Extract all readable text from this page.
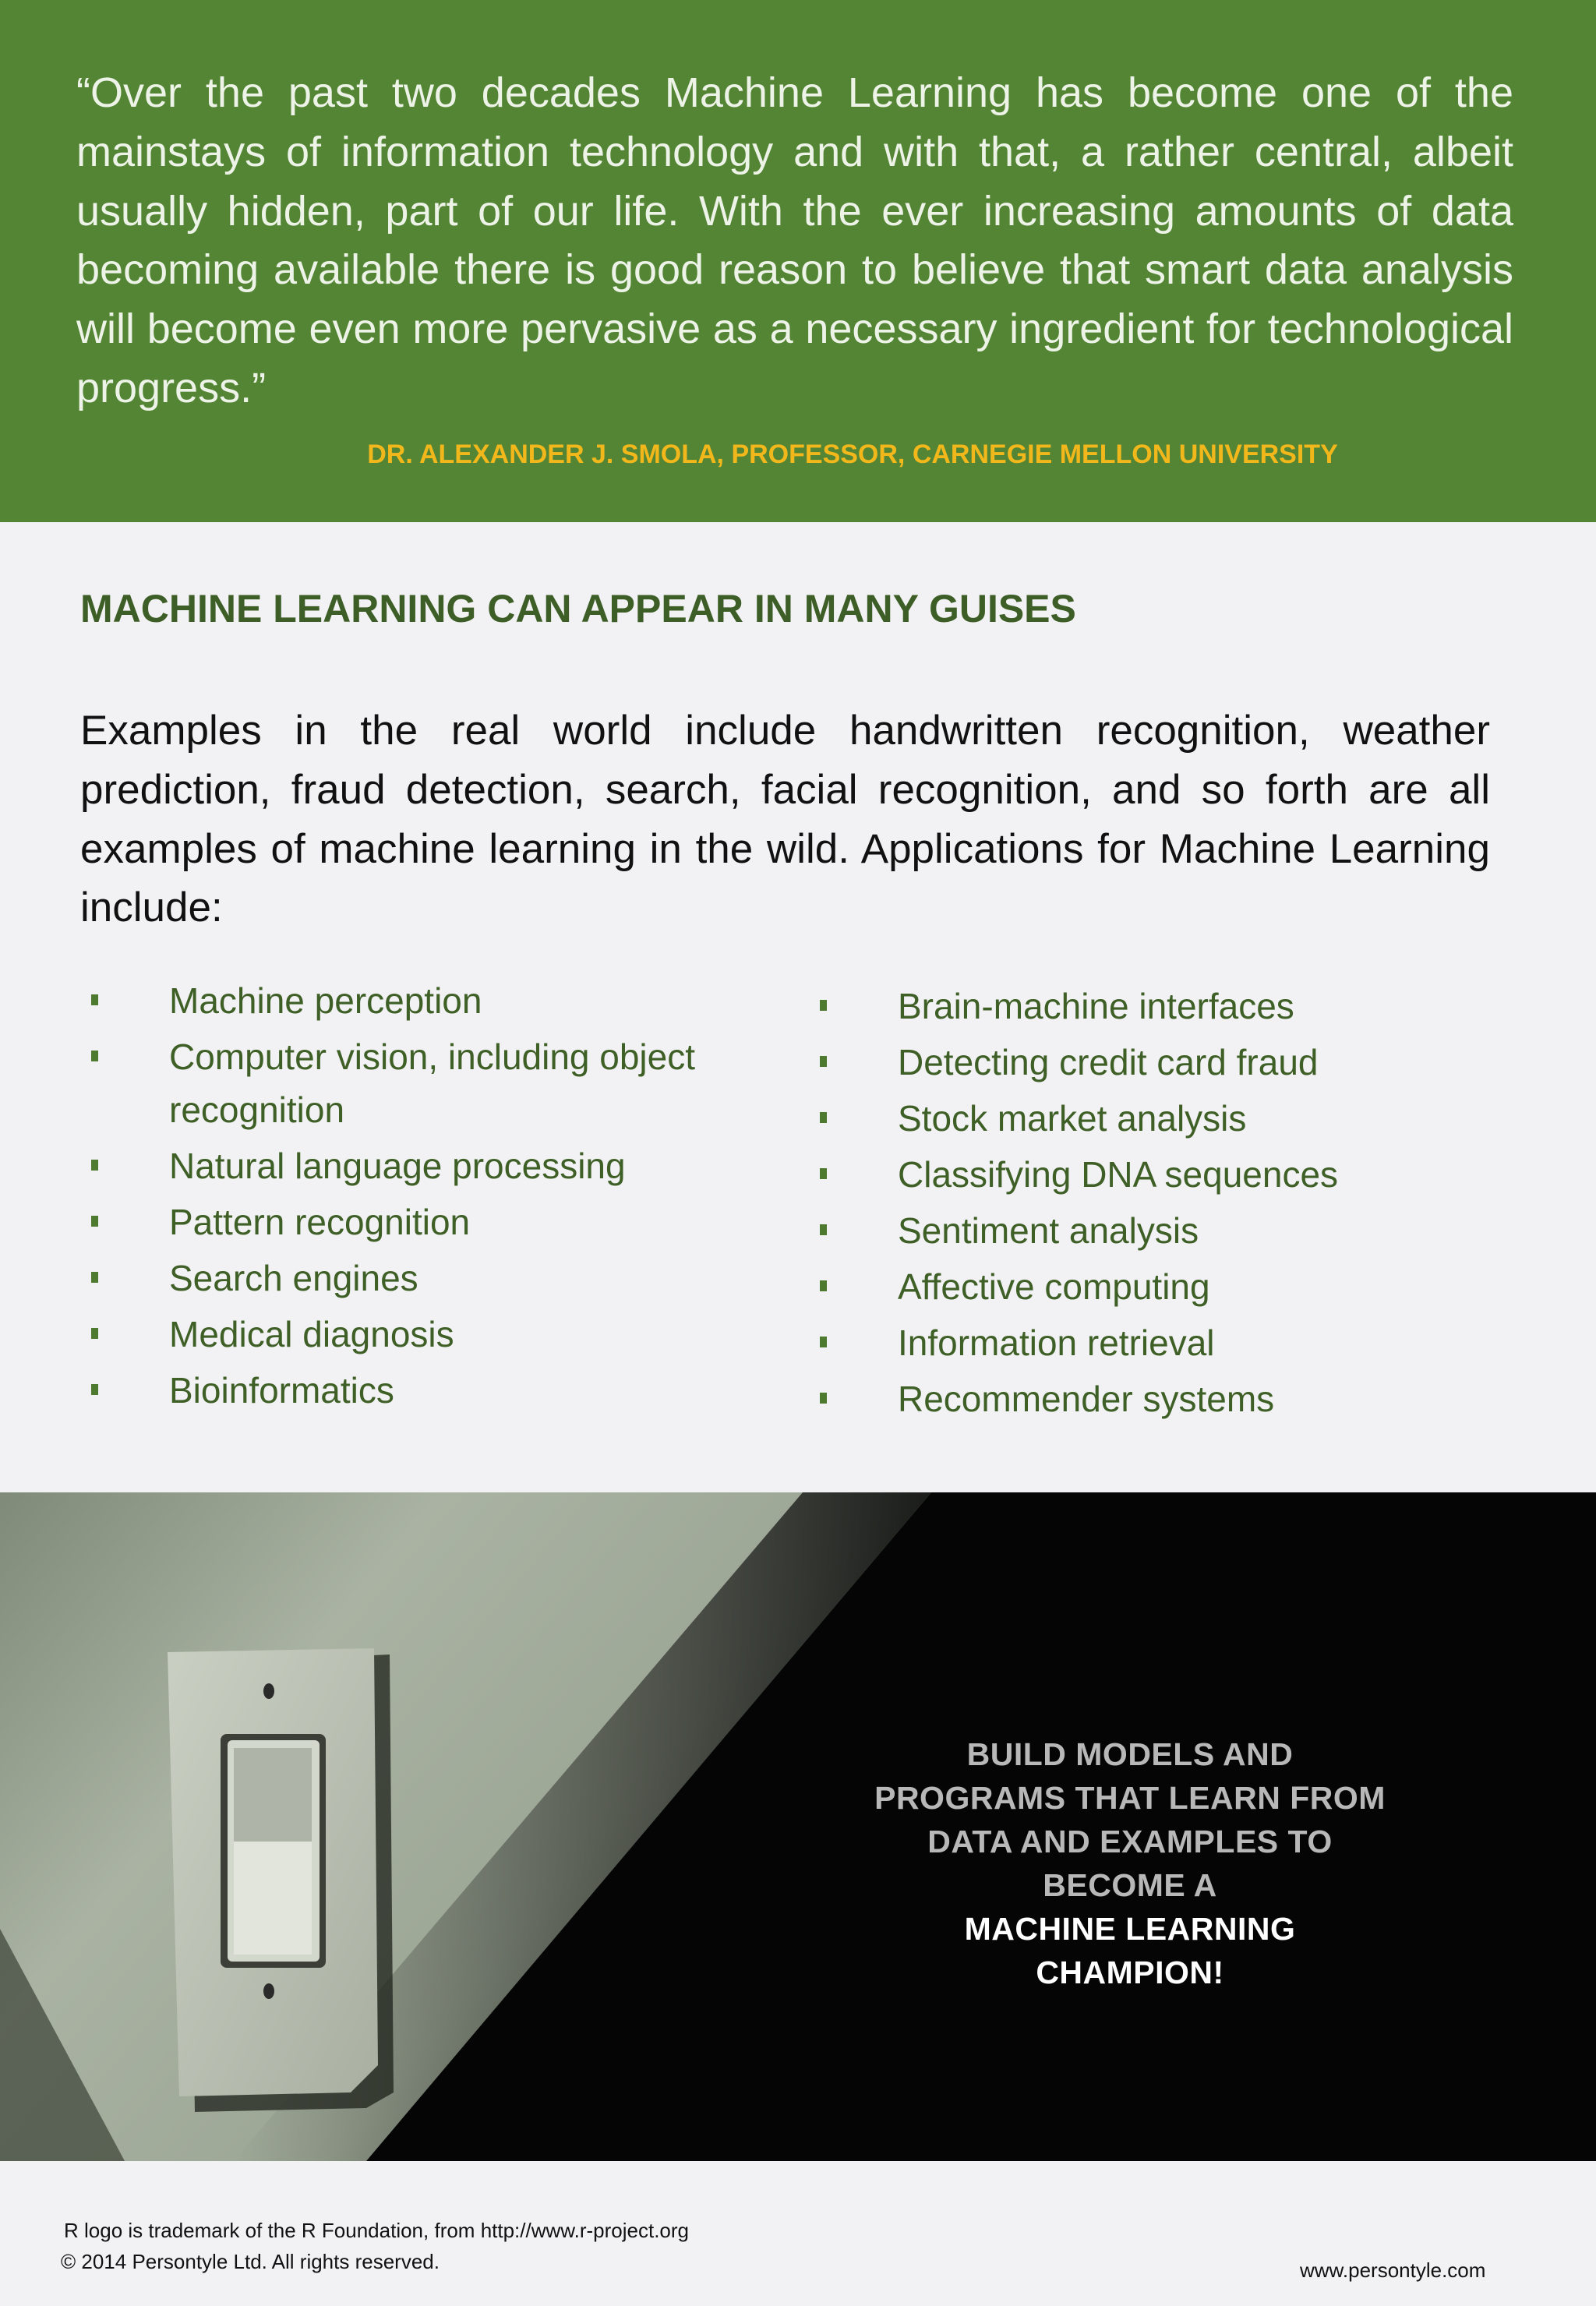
“Over the past two decades Machine Learning has become one of the mainstays of information technology and with that, a rather central, albeit usually hidden, part of our life. With the ever increasing amounts of data becoming available there is good reason to believe that smart data analysis will become even more pervasive as a necessary ingredient for technological progress.”

DR. ALEXANDER J. SMOLA, PROFESSOR, CARNEGIE MELLON UNIVERSITY

MACHINE LEARNING CAN APPEAR IN MANY GUISES

Examples in the real world include handwritten recognition, weather prediction, fraud detection, search, facial recognition, and so forth are all examples of machine learning in the wild. Applications for Machine Learning include:

Machine perception
Computer vision, including object recognition
Natural language processing
Pattern recognition
Search engines
Medical diagnosis
Bioinformatics
Brain-machine interfaces
Detecting credit card fraud
Stock market analysis
Classifying DNA sequences
Sentiment analysis
Affective computing
Information retrieval
Recommender systems
BUILD MODELS AND
PROGRAMS THAT LEARN FROM
DATA AND EXAMPLES TO
BECOME A
MACHINE LEARNING
CHAMPION!
R logo is trademark of the R Foundation, from http://www.r-project.org
© 2014 Persontyle Ltd. All rights reserved.	www.persontyle.com
